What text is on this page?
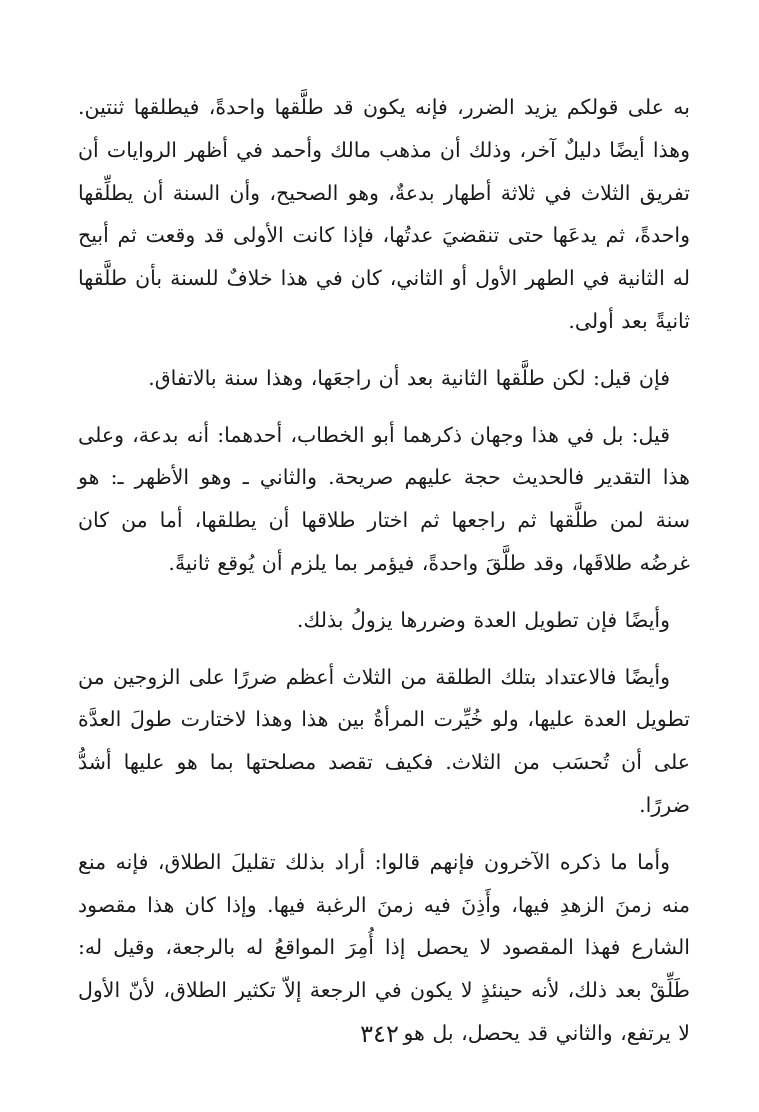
به على قولكم يزيد الضرر، فإنه يكون قد طلَّقها واحدةً، فيطلقها ثنتين. وهذا أيضًا دليلٌ آخر، وذلك أن مذهب مالك وأحمد في أظهر الروايات أن تفريق الثلاث في ثلاثة أطهار بدعةٌ، وهو الصحيح، وأن السنة أن يطلِّقها واحدةً، ثم يدعَها حتى تنقضيَ عدتُها، فإذا كانت الأولى قد وقعت ثم أبيح له الثانية في الطهر الأول أو الثاني، كان في هذا خلافٌ للسنة بأن طلَّقها ثانيةً بعد أولى.

فإن قيل: لكن طلَّقها الثانية بعد أن راجعَها، وهذا سنة بالاتفاق.

قيل: بل في هذا وجهان ذكرهما أبو الخطاب، أحدهما: أنه بدعة، وعلى هذا التقدير فالحديث حجة عليهم صريحة. والثاني ـ وهو الأظهر ـ: هو سنة لمن طلَّقها ثم راجعها ثم اختار طلاقها أن يطلقها، أما من كان غرضُه طلاقَها، وقد طلَّقَ واحدةً، فيؤمر بما يلزم أن يُوقع ثانيةً.

وأيضًا فإن تطويل العدة وضررها يزولُ بذلك.

وأيضًا فالاعتداد بتلك الطلقة من الثلاث أعظم ضررًا على الزوجين من تطويل العدة عليها، ولو خُيِّرت المرأةُ بين هذا وهذا لاختارت طولَ العدَّة على أن تُحسَب من الثلاث. فكيف تقصد مصلحتها بما هو عليها أشدُّ ضررًا.

وأما ما ذكره الآخرون فإنهم قالوا: أراد بذلك تقليلَ الطلاق، فإنه منع منه زمنَ الزهدِ فيها، وأَذِنَ فيه زمنَ الرغبة فيها. وإذا كان هذا مقصود الشارع فهذا المقصود لا يحصل إذا أُمِرَ المواقعُ له بالرجعة، وقيل له: طَلِّقْ بعد ذلك، لأنه حينئذٍ لا يكون في الرجعة إلاّ تكثير الطلاق، لأنّ الأول لا يرتفع، والثاني قد يحصل، بل هو

٣٤٢
